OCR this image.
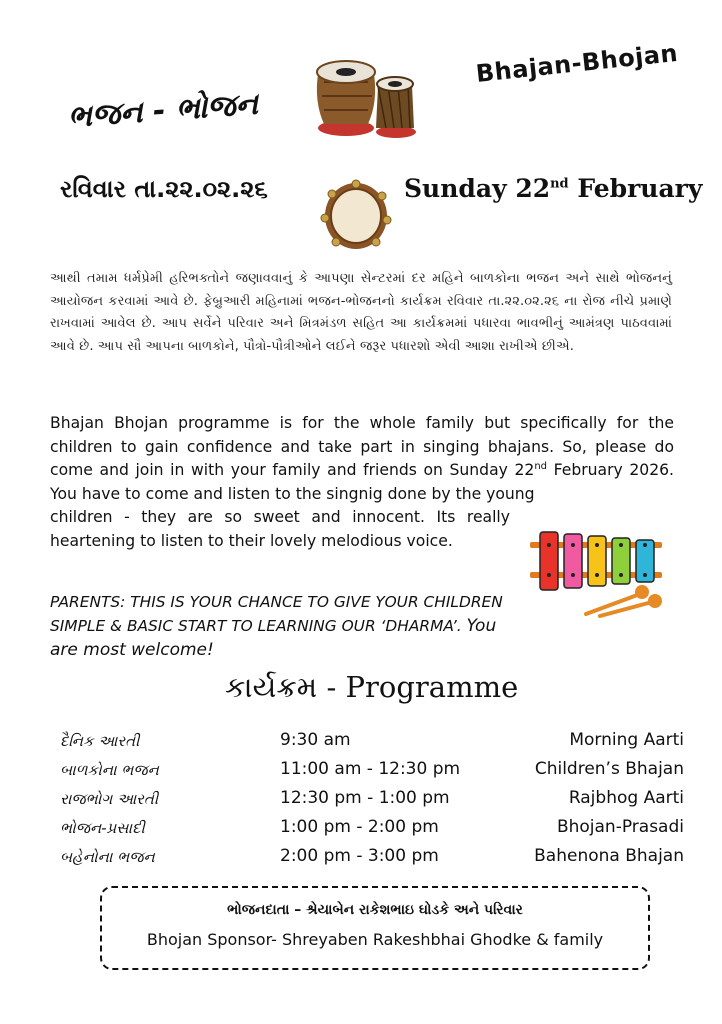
ભજન - ભોજન
Bhajan-Bhojan
રવિવાર તા.૨૨.૦૨.૨૬	Sunday 22nd February
આથી તમામ ધર્મપ્રેમી હરિભક્તોને જણાવવાનું કે આપણા સેન્ટરમાં દર મહિને બાળકોના ભજન અને સાથે ભોજનનું આયોજન કરવામાં આવે છે. ફેબ્રુઆરી મહિનામાં ભજન-ભોજનનો કાર્યક્રમ રવિવાર તા.૨૨.૦૨.૨૬ ના રોજ નીચે પ્રમાણે રાખવામાં આવેલ છે. આપ સર્વેને પરિવાર અને મિત્રમંડળ સહિત આ કાર્યક્રમમાં પધારવા ભાવભીનું આમંત્રણ પાઠવવામાં આવે છે. આપ સૌ આપના બાળકોને, પૌત્રો-પૌત્રીઓને લઈને જરૂર પધારશો એવી આશા રાખીએ છીએ.
Bhajan Bhojan programme is for the whole family but specifically for the children to gain confidence and take part in singing bhajans. So, please do come and join in with your family and friends on Sunday 22nd February 2026. You have to come and listen to the singnig done by the young
children - they are so sweet and innocent. Its really heartening to listen to their lovely melodious voice.
PARENTS: THIS IS YOUR CHANCE TO GIVE YOUR CHILDREN SIMPLE & BASIC START TO LEARNING OUR ‘DHARMA’. You are most welcome!
કાર્યક્રમ - Programme
દૈનિક આરતી	9:30 am	Morning Aarti
બાળકોના ભજન	11:00 am - 12:30 pm	Children’s Bhajan
રાજભોગ આરતી	12:30 pm - 1:00 pm	Rajbhog Aarti
ભોજન-પ્રસાદી	1:00 pm - 2:00 pm	Bhojan-Prasadi
બહેનોના ભજન	2:00 pm - 3:00 pm	Bahenona Bhajan
ભોજનદાતા – શ્રેયાબેન રાકેશભાઇ ઘોડકે અને પરિવાર
Bhojan Sponsor- Shreyaben Rakeshbhai Ghodke & family
